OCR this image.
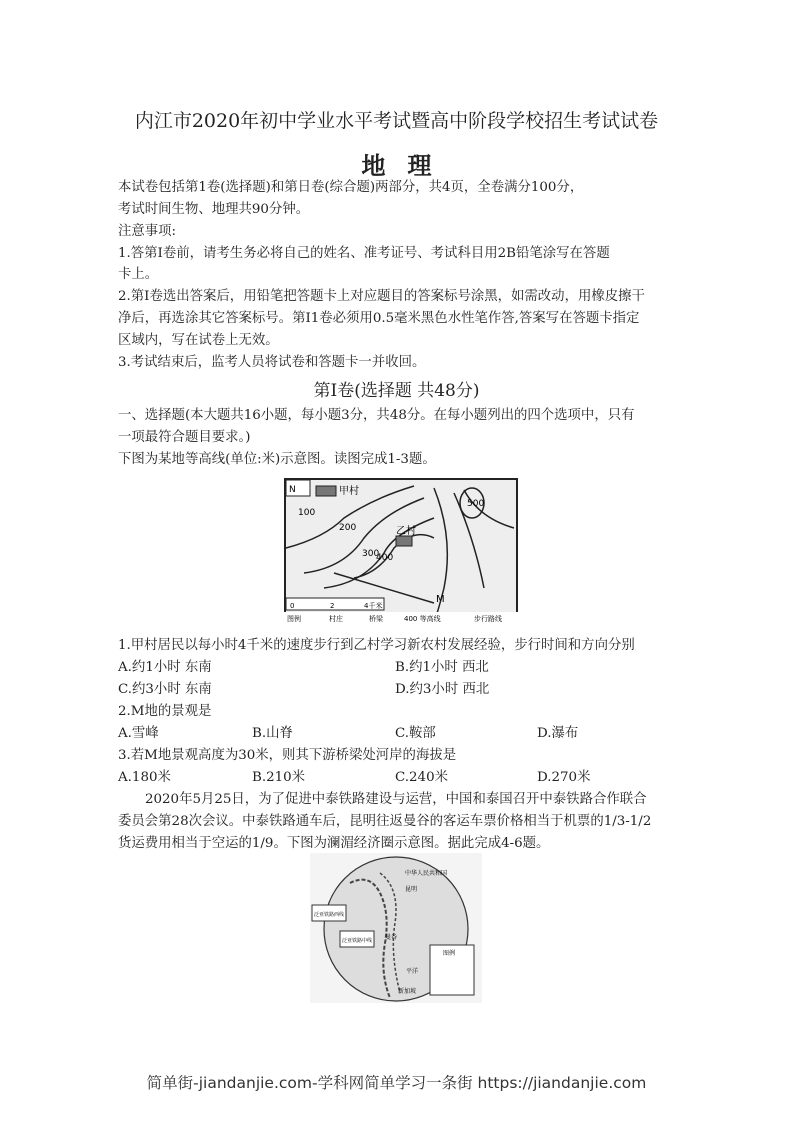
内江市2020年初中学业水平考试暨高中阶段学校招生考试试卷
地理
本试卷包括第1卷(选择题)和第日卷(综合题)两部分，共4页，全卷满分100分，
考试时间生物、地理共90分钟。
注意事项:
1.答第I卷前，请考生务必将自己的姓名、准考证号、考试科目用2B铅笔涂写在答题
卡上。
2.第I卷选出答案后，用铅笔把答题卡上对应题目的答案标号涂黑，如需改动，用橡皮擦干
净后，再选涂其它答案标号。第I1卷必须用0.5毫米黑色水性笔作答,答案写在答题卡指定
区域内，写在试卷上无效。
3.考试结束后，监考人员将试卷和答题卡一并收回。
第I卷(选择题 共48分)
一、选择题(本大题共16小题，每小题3分，共48分。在每小题列出的四个选项中，只有
一项最符合题目要求。)
下图为某地等高线(单位:米)示意图。读图完成1-3题。
N	甲村
乙村
100
200
300
400
500
M
0	2	4千米
图例	村庄	桥梁	400 等高线	步行路线
1.甲村居民以每小时4千米的速度步行到乙村学习新农村发展经验，步行时间和方向分别
A.约1小时 东南	B.约1小时 西北
C.约3小时 东南	D.约3小时 西北
2.M地的景观是
A.雪峰	B.山脊	C.鞍部	D.瀑布
3.若M地景观高度为30米，则其下游桥梁处河岸的海拔是
A.180米	B.210米	C.240米	D.270米
2020年5月25日，为了促进中泰铁路建设与运营，中国和泰国召开中泰铁路合作联合
委员会第28次会议。中泰铁路通车后，昆明往返曼谷的客运车票价格相当于机票的1/3-1/2
货运费用相当于空运的1/9。下图为澜湄经济圈示意图。据此完成4-6题。
中华人民共和国
昆明
泛亚铁路西线
泛亚铁路中线 曼谷
平洋
新加坡
图例
简单街-jiandanjie.com-学科网简单学习一条街 https://jiandanjie.com
